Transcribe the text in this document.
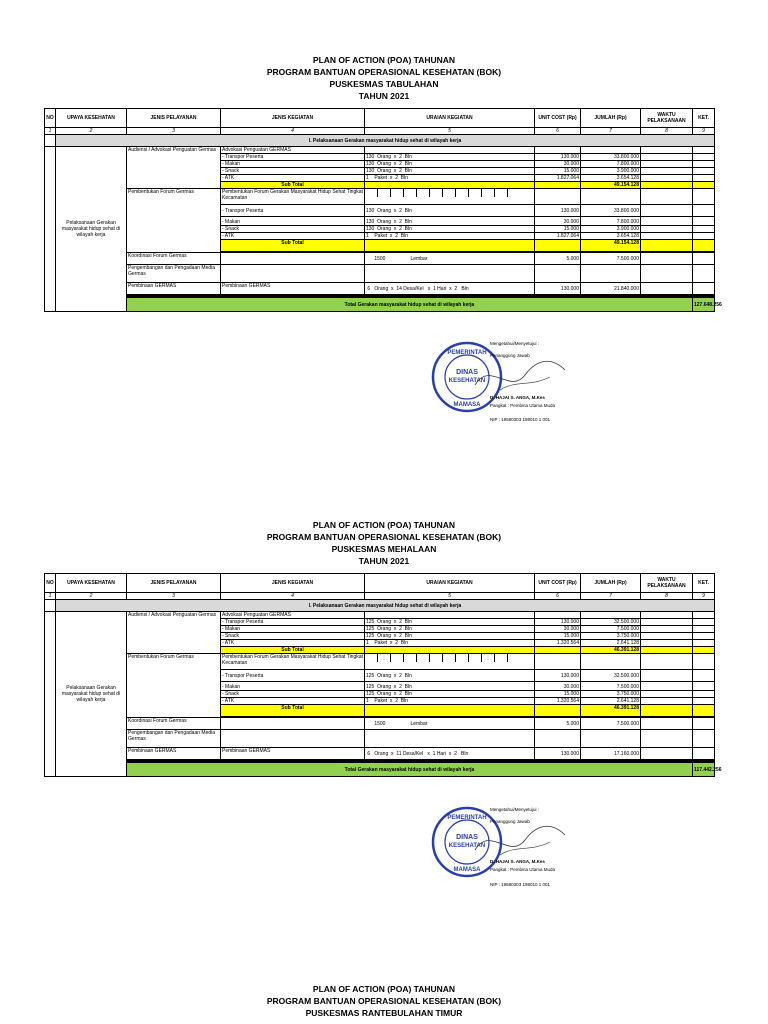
PLAN OF ACTION (POA) TAHUNAN
PROGRAM BANTUAN OPERASIONAL KESEHATAN (BOK)
PUSKESMAS TABULAHAN
TAHUN 2021
NO	UPAYA KESEHATAN	JENIS PELAYANAN	JENIS KEGIATAN	URAIAN KEGIATAN	UNIT COST (Rp)	JUMLAH (Rp)	WAKTU PELAKSANAAN	KET.	
1	2	3	4	5	6	7	8	9	
	I. Pelaksanaan Gerakan masyarakat hidup sehat di wilayah kerja								
	Pelaksanaan Gerakan masyarakat hidup sehat di wilayah kerja	Audiensi / Advokasi Penguatan Germas	Advokasi Penguatan GERMAS						
			- Transpor Peserta	130 Orang x 2 Bln	130.000	33.800.000			
			- Makan	130 Orang x 2 Bln	30.000	7.800.000			
			- Snack	130 Orang x 2 Bln	15.000	3.900.000			
			- ATK	1 Paket x 2 Bln	1.827.064	3.654.128			
			Sub Total			49.154.128			
		Pembentukan Forum Germas	Pembentukan Forum Gerakan Masyarakat Hidup Sehat Tingkat Kecamatan						
			- Transpor Peserta	130 Orang x 2 Bln	130.000	33.800.000			
			- Makan	130 Orang x 2 Bln	30.000	7.800.000			
			- Snack	130 Orang x 2 Bln	15.000	3.900.000			
			- ATK	1 Paket x 2 Bln	1.827.064	3.654.128			
			Sub Total			49.154.128			

		Koordinasi Forum Germas		1500 Lembar	5.000	7.500.000			
		Pengembangan dan Pengadaan Media Germas							
		Pembinaan GERMAS	Pembinaan GERMAS	6 Orang x 14 Desa/Kel x 1 Hari x 2 Bln	130.000	21.840.000			

		Total Gerakan masyarakat hidup sehat di wilayah kerja						127.648.256		
PEMERINTAH
DINAS
KESEHATAN
MAMASA
Mengetahui/Menyetujui :
Penanggung Jawab
D. HAJAI S. ANGA, M.Kes
Pangkat : Pembina Utama Muda
NIP : 19580303 198010 1 001
PLAN OF ACTION (POA) TAHUNAN
PROGRAM BANTUAN OPERASIONAL KESEHATAN (BOK)
PUSKESMAS MEHALAAN
TAHUN 2021
NO	UPAYA KESEHATAN	JENIS PELAYANAN	JENIS KEGIATAN	URAIAN KEGIATAN	UNIT COST (Rp)	JUMLAH (Rp)	WAKTU PELAKSANAAN	KET.	
1	2	3	4	5	6	7	8	9	
	I. Pelaksanaan Gerakan masyarakat hidup sehat di wilayah kerja								
	Pelaksanaan Gerakan masyarakat hidup sehat di wilayah kerja	Audiensi / Advokasi Penguatan Germas	Advokasi Penguatan GERMAS						
			- Transpor Peserta	125 Orang x 2 Bln	130.000	32.500.000			
			- Makan	125 Orang x 2 Bln	30.000	7.500.000			
			- Snack	125 Orang x 2 Bln	15.000	3.750.000			
			- ATK	1 Paket x 2 Bln	1.320.564	2.641.128			
			Sub Total			46.391.128			
		Pembentukan Forum Germas	Pembentukan Forum Gerakan Masyarakat Hidup Sehat Tingkat Kecamatan						
			- Transpor Peserta	125 Orang x 2 Bln	130.000	32.500.000			
			- Makan	125 Orang x 2 Bln	30.000	7.500.000			
			- Snack	125 Orang x 2 Bln	15.000	3.750.000			
			- ATK	1 Paket x 2 Bln	1.320.564	2.641.128			
			Sub Total			46.391.128			

		Koordinasi Forum Germas		1500 Lembar	5.000	7.500.000			
		Pengembangan dan Pengadaan Media Germas							
		Pembinaan GERMAS	Pembinaan GERMAS	6 Orang x 11 Desa/Kel x 1 Hari x 2 Bln	130.000	17.160.000			

		Total Gerakan masyarakat hidup sehat di wilayah kerja						117.442.256		
PEMERINTAH
DINAS
KESEHATAN
MAMASA
Mengetahui/Menyetujui :
Penanggung Jawab
D. HAJAI S. ANGA, M.Kes
Pangkat : Pembina Utama Muda
NIP : 19580303 198010 1 001
PLAN OF ACTION (POA) TAHUNAN
PROGRAM BANTUAN OPERASIONAL KESEHATAN (BOK)
PUSKESMAS RANTEBULAHAN TIMUR
